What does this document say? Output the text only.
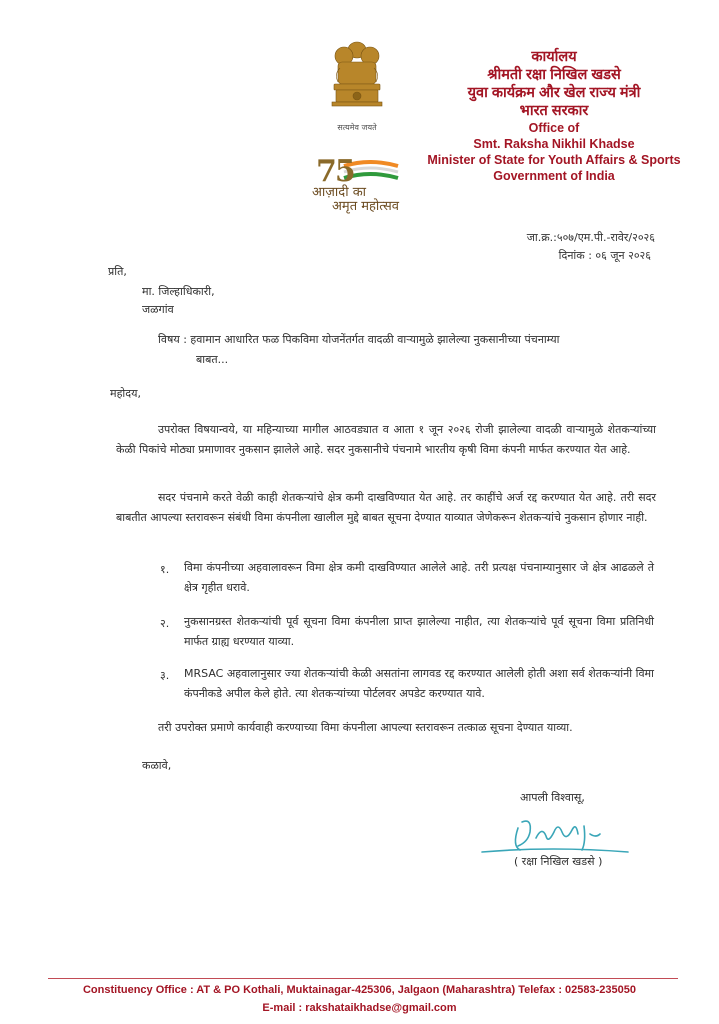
सत्यमेव जयते
75
आज़ादी का
अमृत महोत्सव
कार्यालय
श्रीमती रक्षा निखिल खडसे
युवा कार्यक्रम और खेल राज्य मंत्री
भारत सरकार
Office of
Smt. Raksha Nikhil Khadse
Minister of State for Youth Affairs & Sports
Government of India
जा.क्र.:५०७/एम.पी.-रावेर/२०२६
दिनांक : ०६ जून २०२६
प्रति,
मा. जिल्हाधिकारी,
जळगांव
विषय : हवामान आधारित फळ पिकविमा योजनेंतर्गत वादळी वाऱ्यामुळे झालेल्या नुकसानीच्या पंचनाम्या
बाबत...
महोदय,
उपरोक्त विषयान्वये, या महिन्याच्या मागील आठवड्यात व आता १ जून २०२६ रोजी झालेल्या वादळी वाऱ्यामुळे शेतकऱ्यांच्या केळी पिकांचे मोठ्या प्रमाणावर नुकसान झालेले आहे. सदर नुकसानीचे पंचनामे भारतीय कृषी विमा कंपनी मार्फत करण्यात येत आहे.
सदर पंचनामे करते वेळी काही शेतकऱ्यांचे क्षेत्र कमी दाखविण्यात येत आहे. तर काहींचे अर्ज रद्द करण्यात येत आहे. तरी सदर बाबतीत आपल्या स्तरावरून संबंधी विमा कंपनीला खालील मुद्दे बाबत सूचना देण्यात याव्यात जेणेकरून शेतकऱ्यांचे नुकसान होणार नाही.
१. विमा कंपनीच्या अहवालावरून विमा क्षेत्र कमी दाखविण्यात आलेले आहे. तरी प्रत्यक्ष पंचनाम्यानुसार जे क्षेत्र आढळले ते क्षेत्र गृहीत धरावे.
२. नुकसानग्रस्त शेतकऱ्यांची पूर्व सूचना विमा कंपनीला प्राप्त झालेल्या नाहीत, त्या शेतकऱ्यांचे पूर्व सूचना विमा प्रतिनिधी मार्फत ग्राह्य धरण्यात याव्या.
३. MRSAC अहवालानुसार ज्या शेतकऱ्यांची केळी असतांना लागवड रद्द करण्यात आलेली होती अशा सर्व शेतकऱ्यांनी विमा कंपनीकडे अपील केले होते. त्या शेतकऱ्यांच्या पोर्टलवर अपडेट करण्यात यावे.
तरी उपरोक्त प्रमाणे कार्यवाही करण्याच्या विमा कंपनीला आपल्या स्तरावरून तत्काळ सूचना देण्यात याव्या.
कळावे,
आपली विश्वासू,
( रक्षा निखिल खडसे )
Constituency Office : AT & PO Kothali, Muktainagar-425306, Jalgaon (Maharashtra) Telefax : 02583-235050
E-mail : rakshataikhadse@gmail.com
